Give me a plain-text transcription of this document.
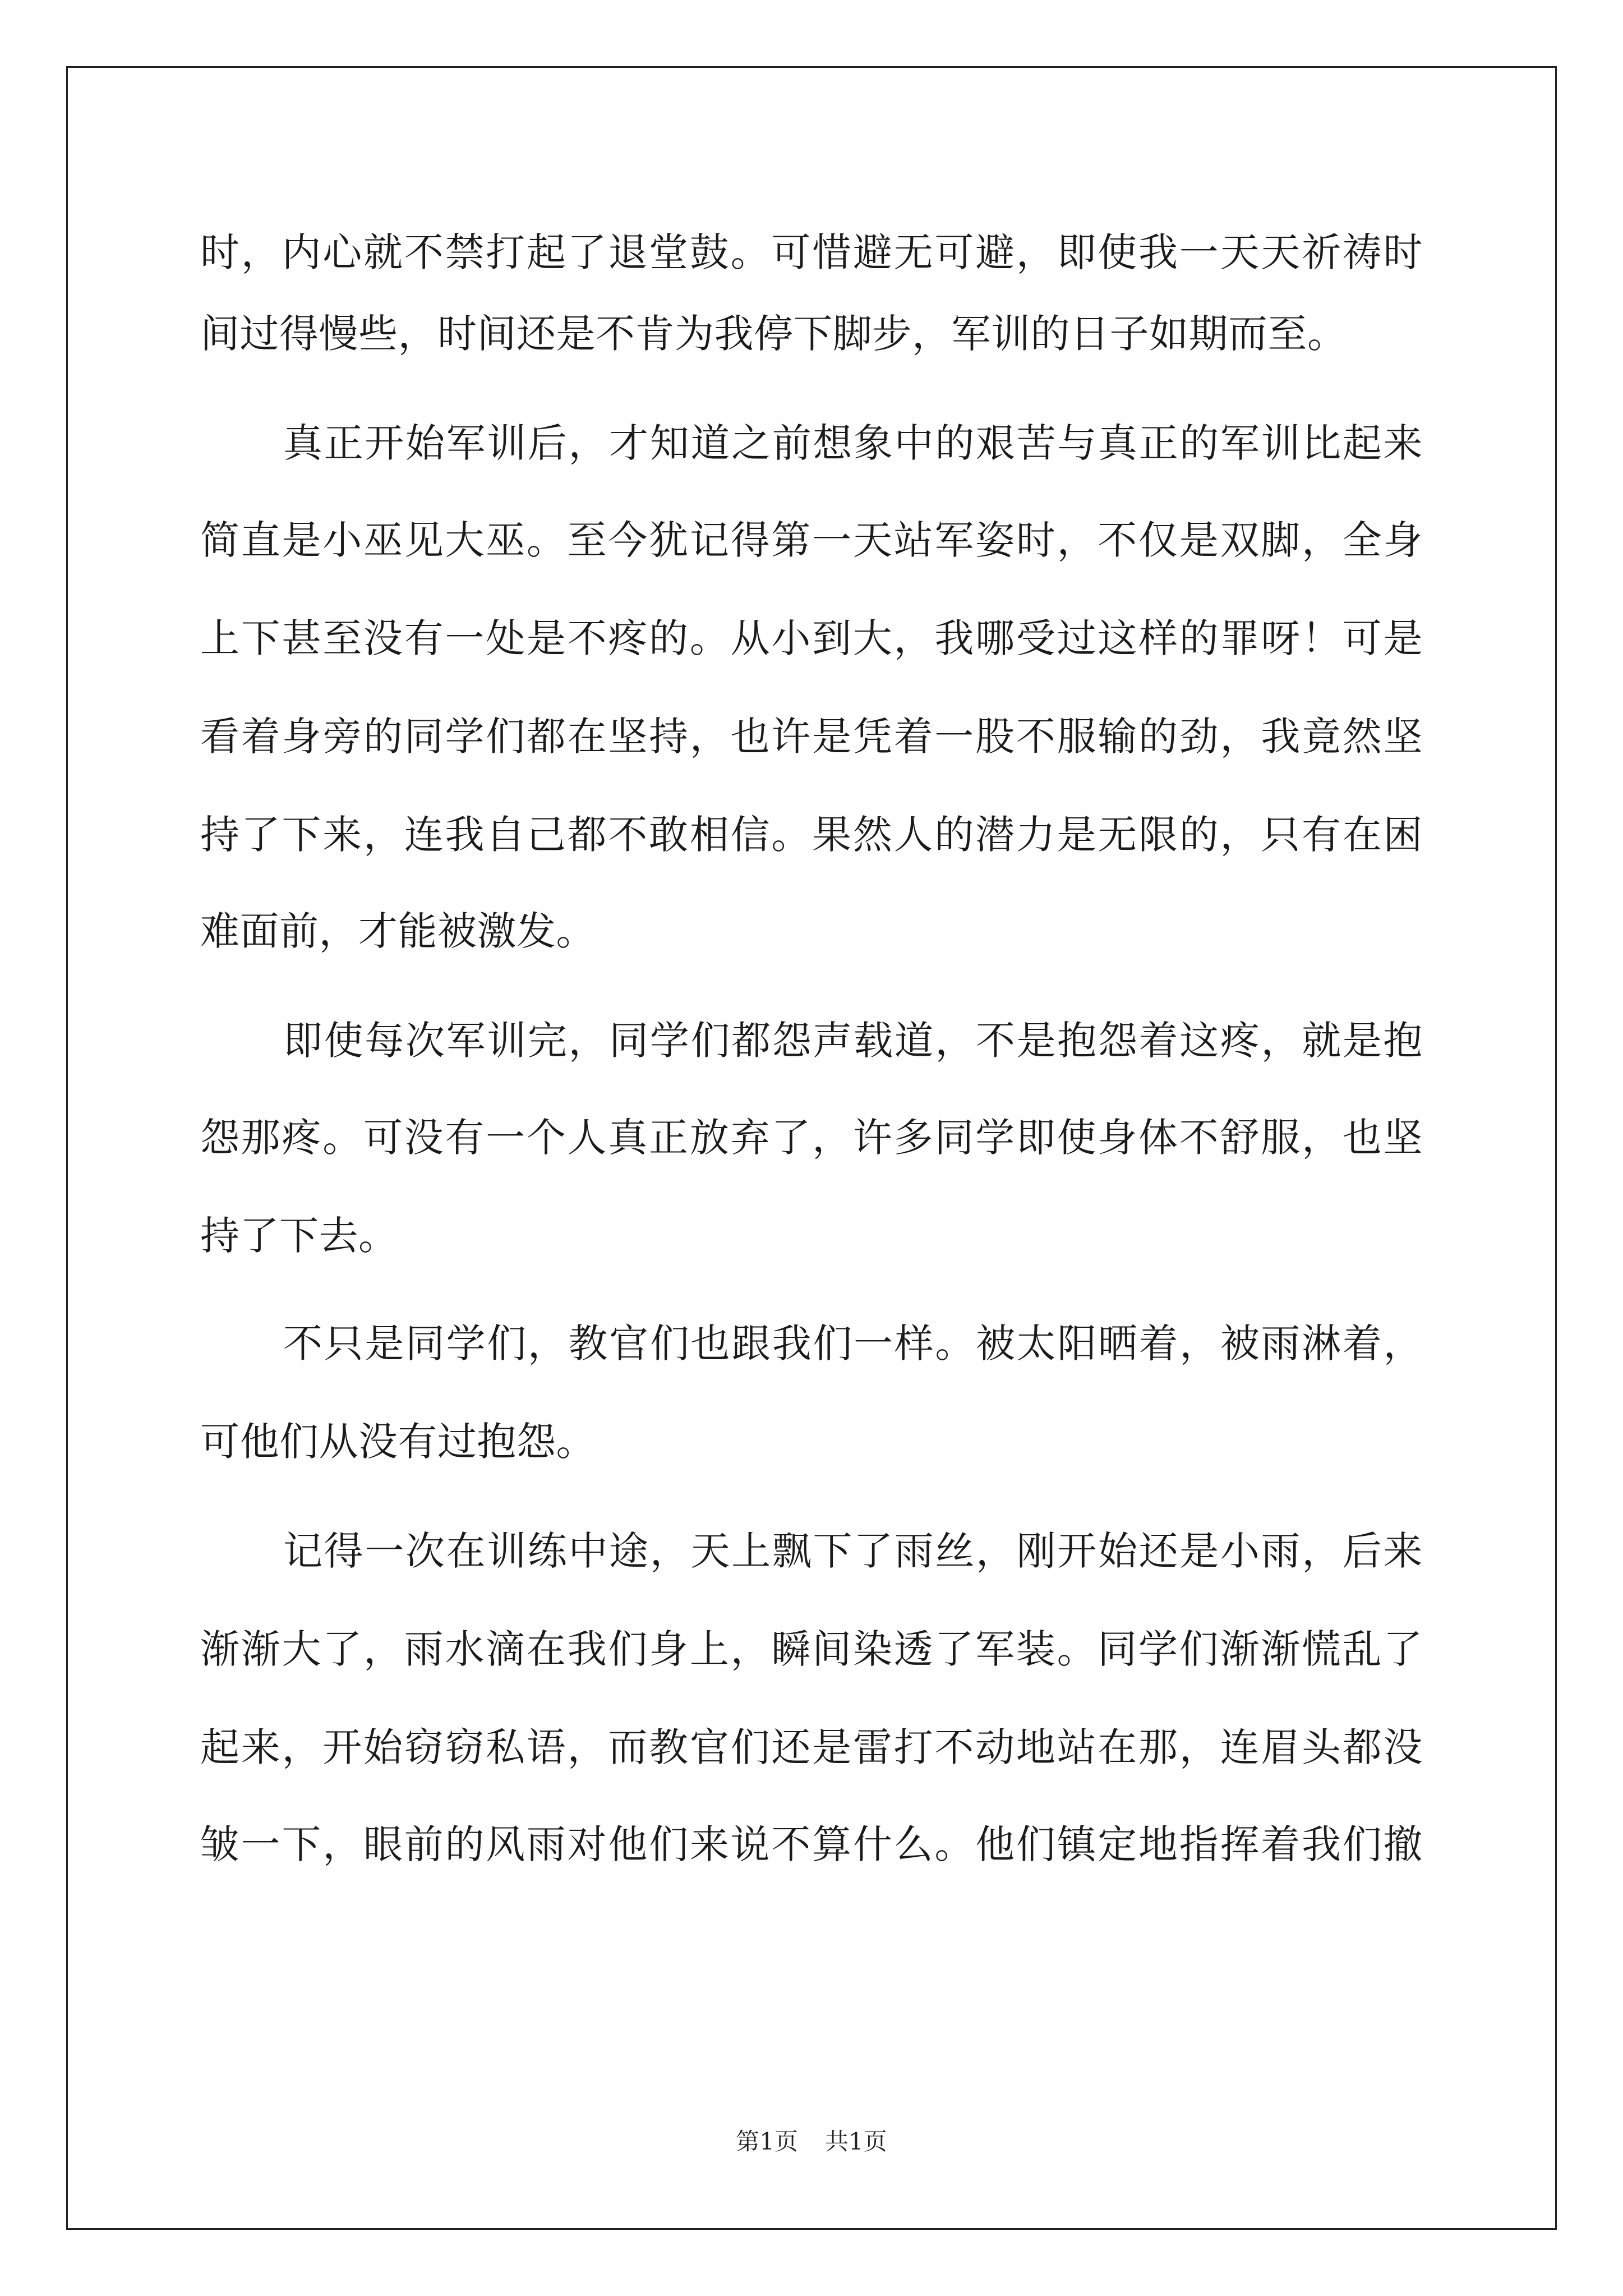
时，内心就不禁打起了退堂鼓。可惜避无可避，即使我一天天祈祷时
间过得慢些，时间还是不肯为我停下脚步，军训的日子如期而至。
真正开始军训后，才知道之前想象中的艰苦与真正的军训比起来
简直是小巫见大巫。至今犹记得第一天站军姿时，不仅是双脚，全身
上下甚至没有一处是不疼的。从小到大，我哪受过这样的罪呀！可是
看着身旁的同学们都在坚持，也许是凭着一股不服输的劲，我竟然坚
持了下来，连我自己都不敢相信。果然人的潜力是无限的，只有在困
难面前，才能被激发。
即使每次军训完，同学们都怨声载道，不是抱怨着这疼，就是抱
怨那疼。可没有一个人真正放弃了，许多同学即使身体不舒服，也坚
持了下去。
不只是同学们，教官们也跟我们一样。被太阳晒着，被雨淋着，
可他们从没有过抱怨。
记得一次在训练中途，天上飘下了雨丝，刚开始还是小雨，后来
渐渐大了，雨水滴在我们身上，瞬间染透了军装。同学们渐渐慌乱了
起来，开始窃窃私语，而教官们还是雷打不动地站在那，连眉头都没
皱一下，眼前的风雨对他们来说不算什么。他们镇定地指挥着我们撤
第1页 共1页
